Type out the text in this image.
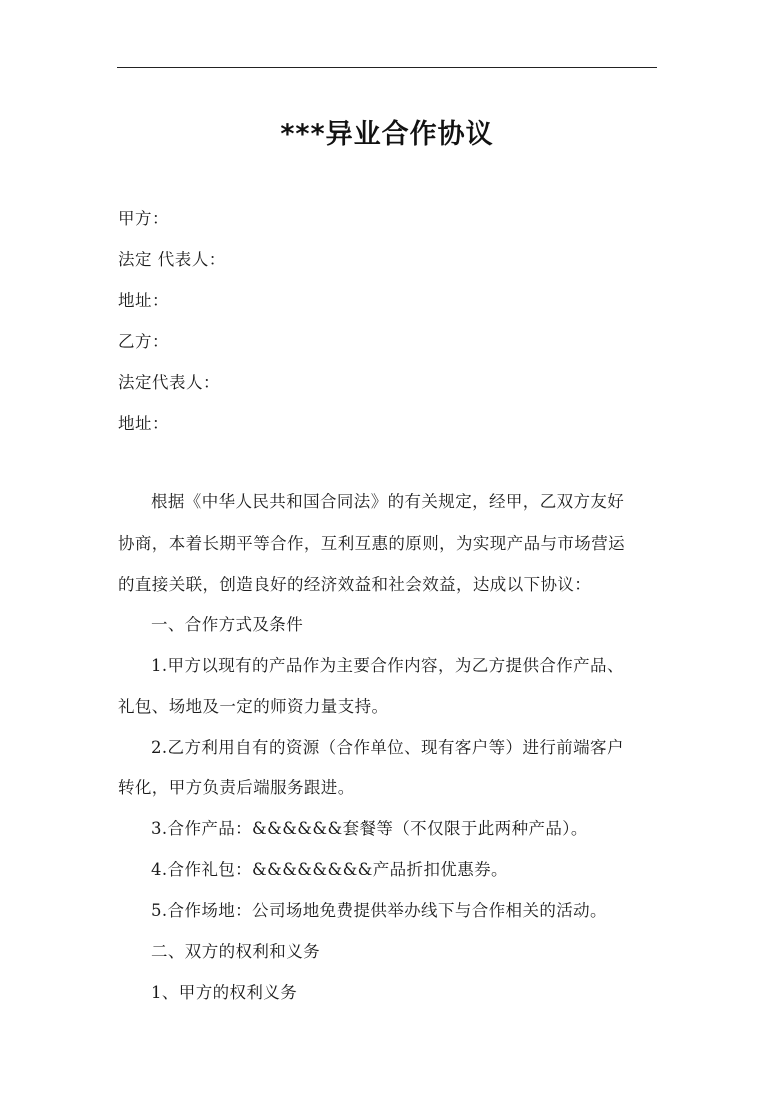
***异业合作协议
甲方：
法定 代表人：
地址：
乙方：
法定代表人：
地址：
根据《中华人民共和国合同法》的有关规定，经甲，乙双方友好
协商，本着长期平等合作，互利互惠的原则，为实现产品与市场营运
的直接关联，创造良好的经济效益和社会效益，达成以下协议：
一、合作方式及条件
1.甲方以现有的产品作为主要合作内容，为乙方提供合作产品、
礼包、场地及一定的师资力量支持。
2.乙方利用自有的资源（合作单位、现有客户等）进行前端客户
转化，甲方负责后端服务跟进。
3.合作产品：&&&&&&套餐等（不仅限于此两种产品）。
4.合作礼包：&&&&&&&&产品折扣优惠券。
5.合作场地：公司场地免费提供举办线下与合作相关的活动。
二、双方的权利和义务
1、甲方的权利义务
